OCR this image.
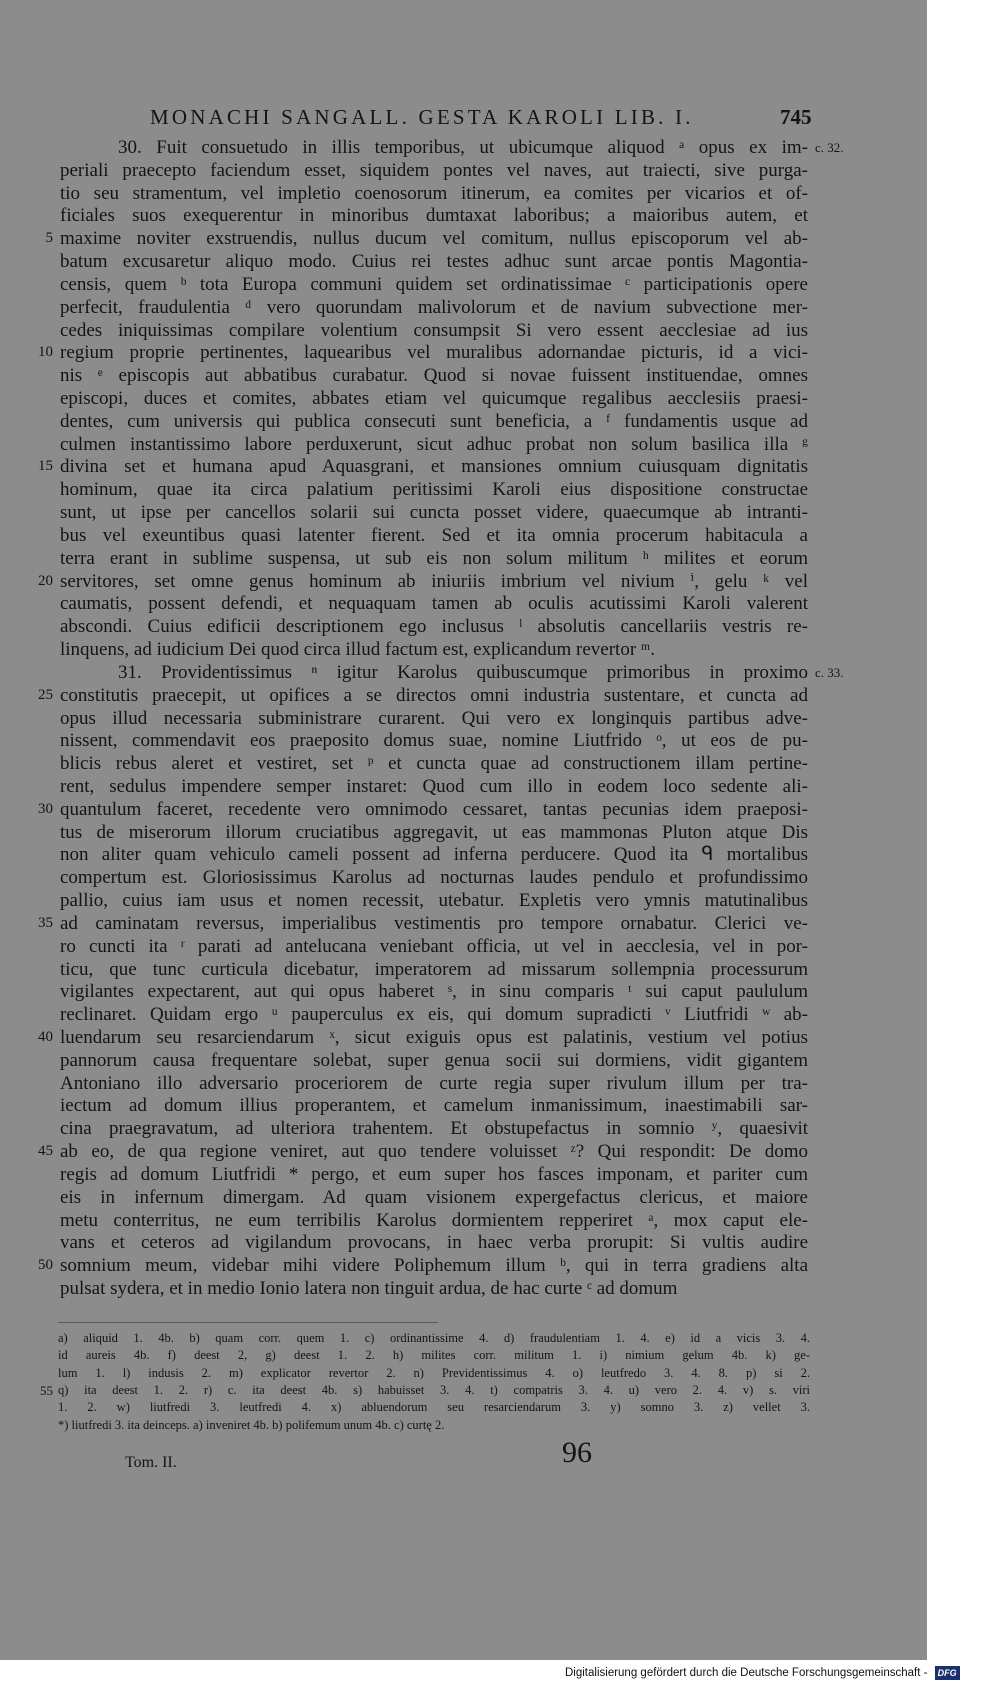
MONACHI SANGALL. GESTA KAROLI LIB. I.	745
30. Fuit consuetudo in illis temporibus, ut ubicumque aliquod ᵃ opus ex im- c. 32.
periali praecepto faciendum esset, siquidem pontes vel naves, aut traiecti, sive purga-
tio seu stramentum, vel impletio coenosorum itinerum, ea comites per vicarios et of-
ficiales suos exequerentur in minoribus dumtaxat laboribus; a maioribus autem, et
5 maxime noviter exstruendis, nullus ducum vel comitum, nullus episcoporum vel ab-
batum excusaretur aliquo modo. Cuius rei testes adhuc sunt arcae pontis Magontia-
censis, quem ᵇ tota Europa communi quidem set ordinatissimae ᶜ participationis opere
perfecit, fraudulentia ᵈ vero quorundam malivolorum et de navium subvectione mer-
cedes iniquissimas compilare volentium consumpsit Si vero essent aecclesiae ad ius
10 regium proprie pertinentes, laquearibus vel muralibus adornandae picturis, id a vici-
nis ᵉ episcopis aut abbatibus curabatur. Quod si novae fuissent instituendae, omnes
episcopi, duces et comites, abbates etiam vel quicumque regalibus aecclesiis praesi-
dentes, cum universis qui publica consecuti sunt beneficia, a ᶠ fundamentis usque ad
culmen instantissimo labore perduxerunt, sicut adhuc probat non solum basilica illa ᵍ
15 divina set et humana apud Aquasgrani, et mansiones omnium cuiusquam dignitatis
hominum, quae ita circa palatium peritissimi Karoli eius dispositione constructae
sunt, ut ipse per cancellos solarii sui cuncta posset videre, quaecumque ab intranti-
bus vel exeuntibus quasi latenter fierent. Sed et ita omnia procerum habitacula a
terra erant in sublime suspensa, ut sub eis non solum militum ʰ milites et eorum
20 servitores, set omne genus hominum ab iniuriis imbrium vel nivium ⁱ, gelu ᵏ vel
caumatis, possent defendi, et nequaquam tamen ab oculis acutissimi Karoli valerent
abscondi. Cuius edificii descriptionem ego inclusus ˡ absolutis cancellariis vestris re-
linquens, ad iudicium Dei quod circa illud factum est, explicandum revertor ᵐ.
31. Providentissimus ⁿ igitur Karolus quibuscumque primoribus in proximo c. 33.
25 constitutis praecepit, ut opifices a se directos omni industria sustentare, et cuncta ad
opus illud necessaria subministrare curarent. Qui vero ex longinquis partibus adve-
nissent, commendavit eos praeposito domus suae, nomine Liutfrido ᵒ, ut eos de pu-
blicis rebus aleret et vestiret, set ᵖ et cuncta quae ad constructionem illam pertine-
rent, sedulus impendere semper instaret: Quod cum illo in eodem loco sedente ali-
30 quantulum faceret, recedente vero omnimodo cessaret, tantas pecunias idem praeposi-
tus de miserorum illorum cruciatibus aggregavit, ut eas mammonas Pluton atque Dis
non aliter quam vehiculo cameli possent ad inferna perducere. Quod ita ᑫ mortalibus
compertum est. Gloriosissimus Karolus ad nocturnas laudes pendulo et profundissimo
pallio, cuius iam usus et nomen recessit, utebatur. Expletis vero ymnis matutinalibus
35 ad caminatam reversus, imperialibus vestimentis pro tempore ornabatur. Clerici ve-
ro cuncti ita ʳ parati ad antelucana veniebant officia, ut vel in aecclesia, vel in por-
ticu, que tunc curticula dicebatur, imperatorem ad missarum sollempnia processurum
vigilantes expectarent, aut qui opus haberet ˢ, in sinu comparis ᵗ sui caput paululum
reclinaret. Quidam ergo ᵘ pauperculus ex eis, qui domum supradicti ᵛ Liutfridi ʷ ab-
40 luendarum seu resarciendarum ˣ, sicut exiguis opus est palatinis, vestium vel potius
pannorum causa frequentare solebat, super genua socii sui dormiens, vidit gigantem
Antoniano illo adversario proceriorem de curte regia super rivulum illum per tra-
iectum ad domum illius properantem, et camelum inmanissimum, inaestimabili sar-
cina praegravatum, ad ulteriora trahentem. Et obstupefactus in somnio ʸ, quaesivit
45 ab eo, de qua regione veniret, aut quo tendere voluisset ᶻ? Qui respondit: De domo
regis ad domum Liutfridi * pergo, et eum super hos fasces imponam, et pariter cum
eis in infernum dimergam. Ad quam visionem expergefactus clericus, et maiore
metu conterritus, ne eum terribilis Karolus dormientem repperiret ᵃ, mox caput ele-
vans et ceteros ad vigilandum provocans, in haec verba prorupit: Si vultis audire
50 somnium meum, videbar mihi videre Poliphemum illum ᵇ, qui in terra gradiens alta
pulsat sydera, et in medio Ionio latera non tinguit ardua, de hac curte ᶜ ad domum
a) aliquid 1. 4b. b) quam corr. quem 1. c) ordinantissime 4. d) fraudulentiam 1. 4. e) id a vicis 3. 4.
id aureis 4b. f) deest 2, g) deest 1. 2. h) milites corr. militum 1. i) nimium gelum 4b. k) ge-
lum 1. l) indusis 2. m) explicator revertor 2. n) Previdentissimus 4. o) leutfredo 3. 4. 8. p) si 2.
55 q) ita deest 1. 2. r) c. ita deest 4b. s) habuisset 3. 4. t) compatris 3. 4. u) vero 2. 4. v) s. viri
1. 2. w) liutfredi 3. leutfredi 4. x) abluendorum seu resarciendarum 3. y) somno 3. z) vellet 3.
*) liutfredi 3. ita deinceps. a) inveniret 4b. b) polifemum unum 4b. c) curtę 2.
Tom. II.	96
Digitalisierung gefördert durch die Deutsche Forschungsgemeinschaft - DFG
